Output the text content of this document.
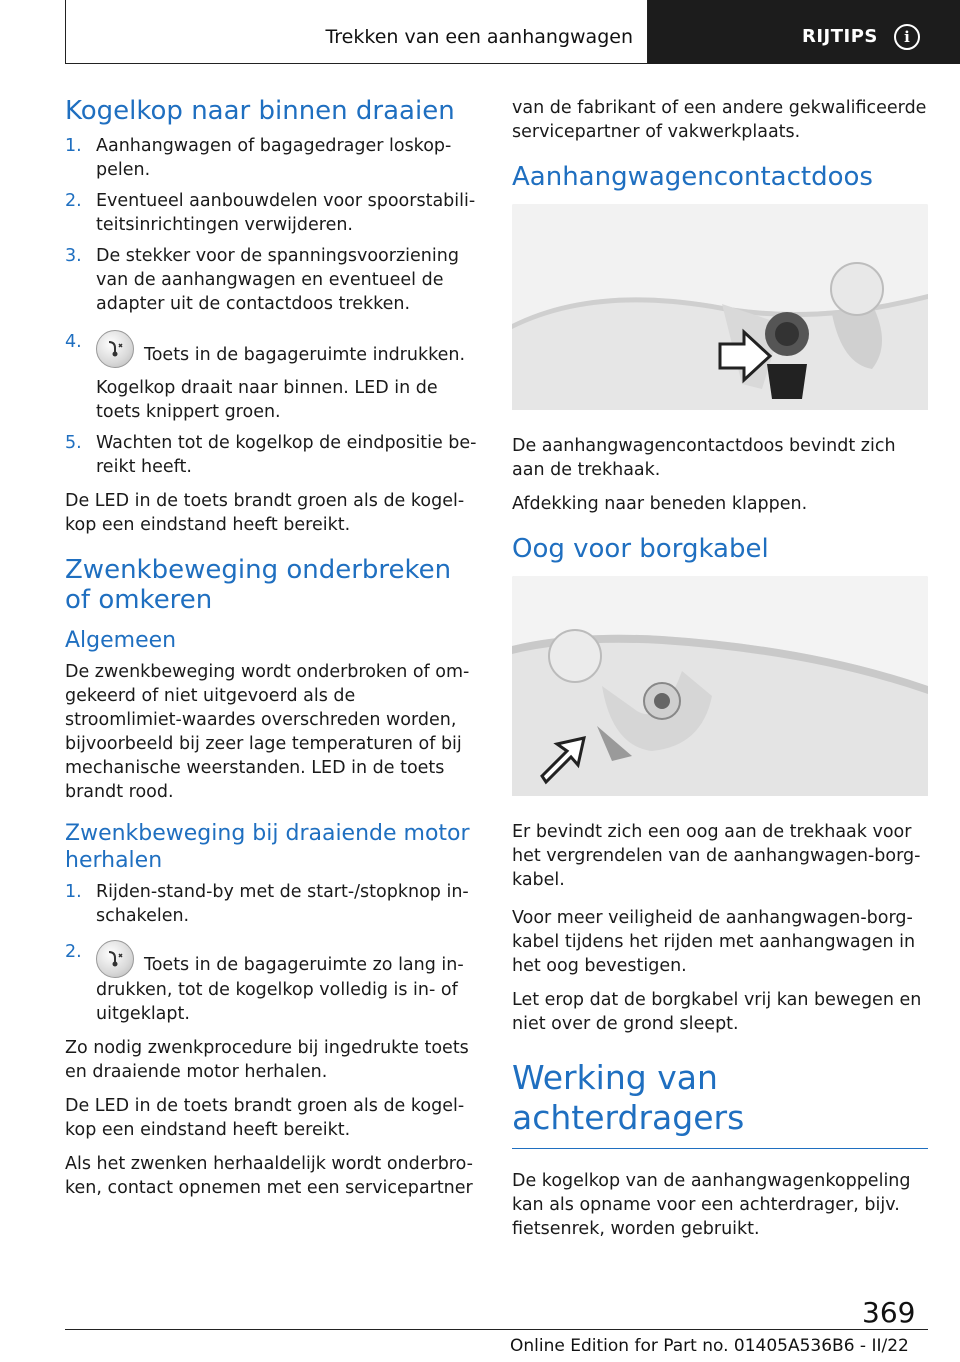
Trekken van een aanhangwagen	RIJTIPS	i
Kogelkop naar binnen draaien
1. Aanhangwagen of bagagedrager loskop-pelen.
2. Eventueel aanbouwdelen voor spoorstabili-teitsinrichtingen verwijderen.
3. De stekker voor de spanningsvoorziening van de aanhangwagen en eventueel de adapter uit de contactdoos trekken.
4.
Toets in de bagageruimte indrukken.
Kogelkop draait naar binnen. LED in de toets knippert groen.
5. Wachten tot de kogelkop de eindpositie be-reikt heeft.

De LED in de toets brandt groen als de kogel-kop een eindstand heeft bereikt.

Zwenkbeweging onderbreken of omkeren
Algemeen

De zwenkbeweging wordt onderbroken of om-gekeerd of niet uitgevoerd als de stroomlimiet-waardes overschreden worden, bijvoorbeeld bij zeer lage temperaturen of bij mechanische weerstanden. LED in de toets brandt rood.

Zwenkbeweging bij draaiende motor herhalen
1. Rijden-stand-by met de start-/stopknop in-schakelen.
2.
Toets in de bagageruimte zo lang in-drukken, tot de kogelkop volledig is in- of uitgeklapt.

Zo nodig zwenkprocedure bij ingedrukte toets en draaiende motor herhalen.

De LED in de toets brandt groen als de kogel-kop een eindstand heeft bereikt.

Als het zwenken herhaaldelijk wordt onderbro-ken, contact opnemen met een servicepartner

van de fabrikant of een andere gekwalificeerde servicepartner of vakwerkplaats.

Aanhangwagencontactdoos

De aanhangwagencontactdoos bevindt zich aan de trekhaak.

Afdekking naar beneden klappen.

Oog voor borgkabel

Er bevindt zich een oog aan de trekhaak voor het vergrendelen van de aanhangwagen-borg-kabel.

Voor meer veiligheid de aanhangwagen-borg-kabel tijdens het rijden met aanhangwagen in het oog bevestigen.

Let erop dat de borgkabel vrij kan bewegen en niet over de grond sleept.

Werking van achterdragers

De kogelkop van de aanhangwagenkoppeling kan als opname voor een achterdrager, bijv. fietsenrek, worden gebruikt.

369
Online Edition for Part no. 01405A536B6 - II/22
